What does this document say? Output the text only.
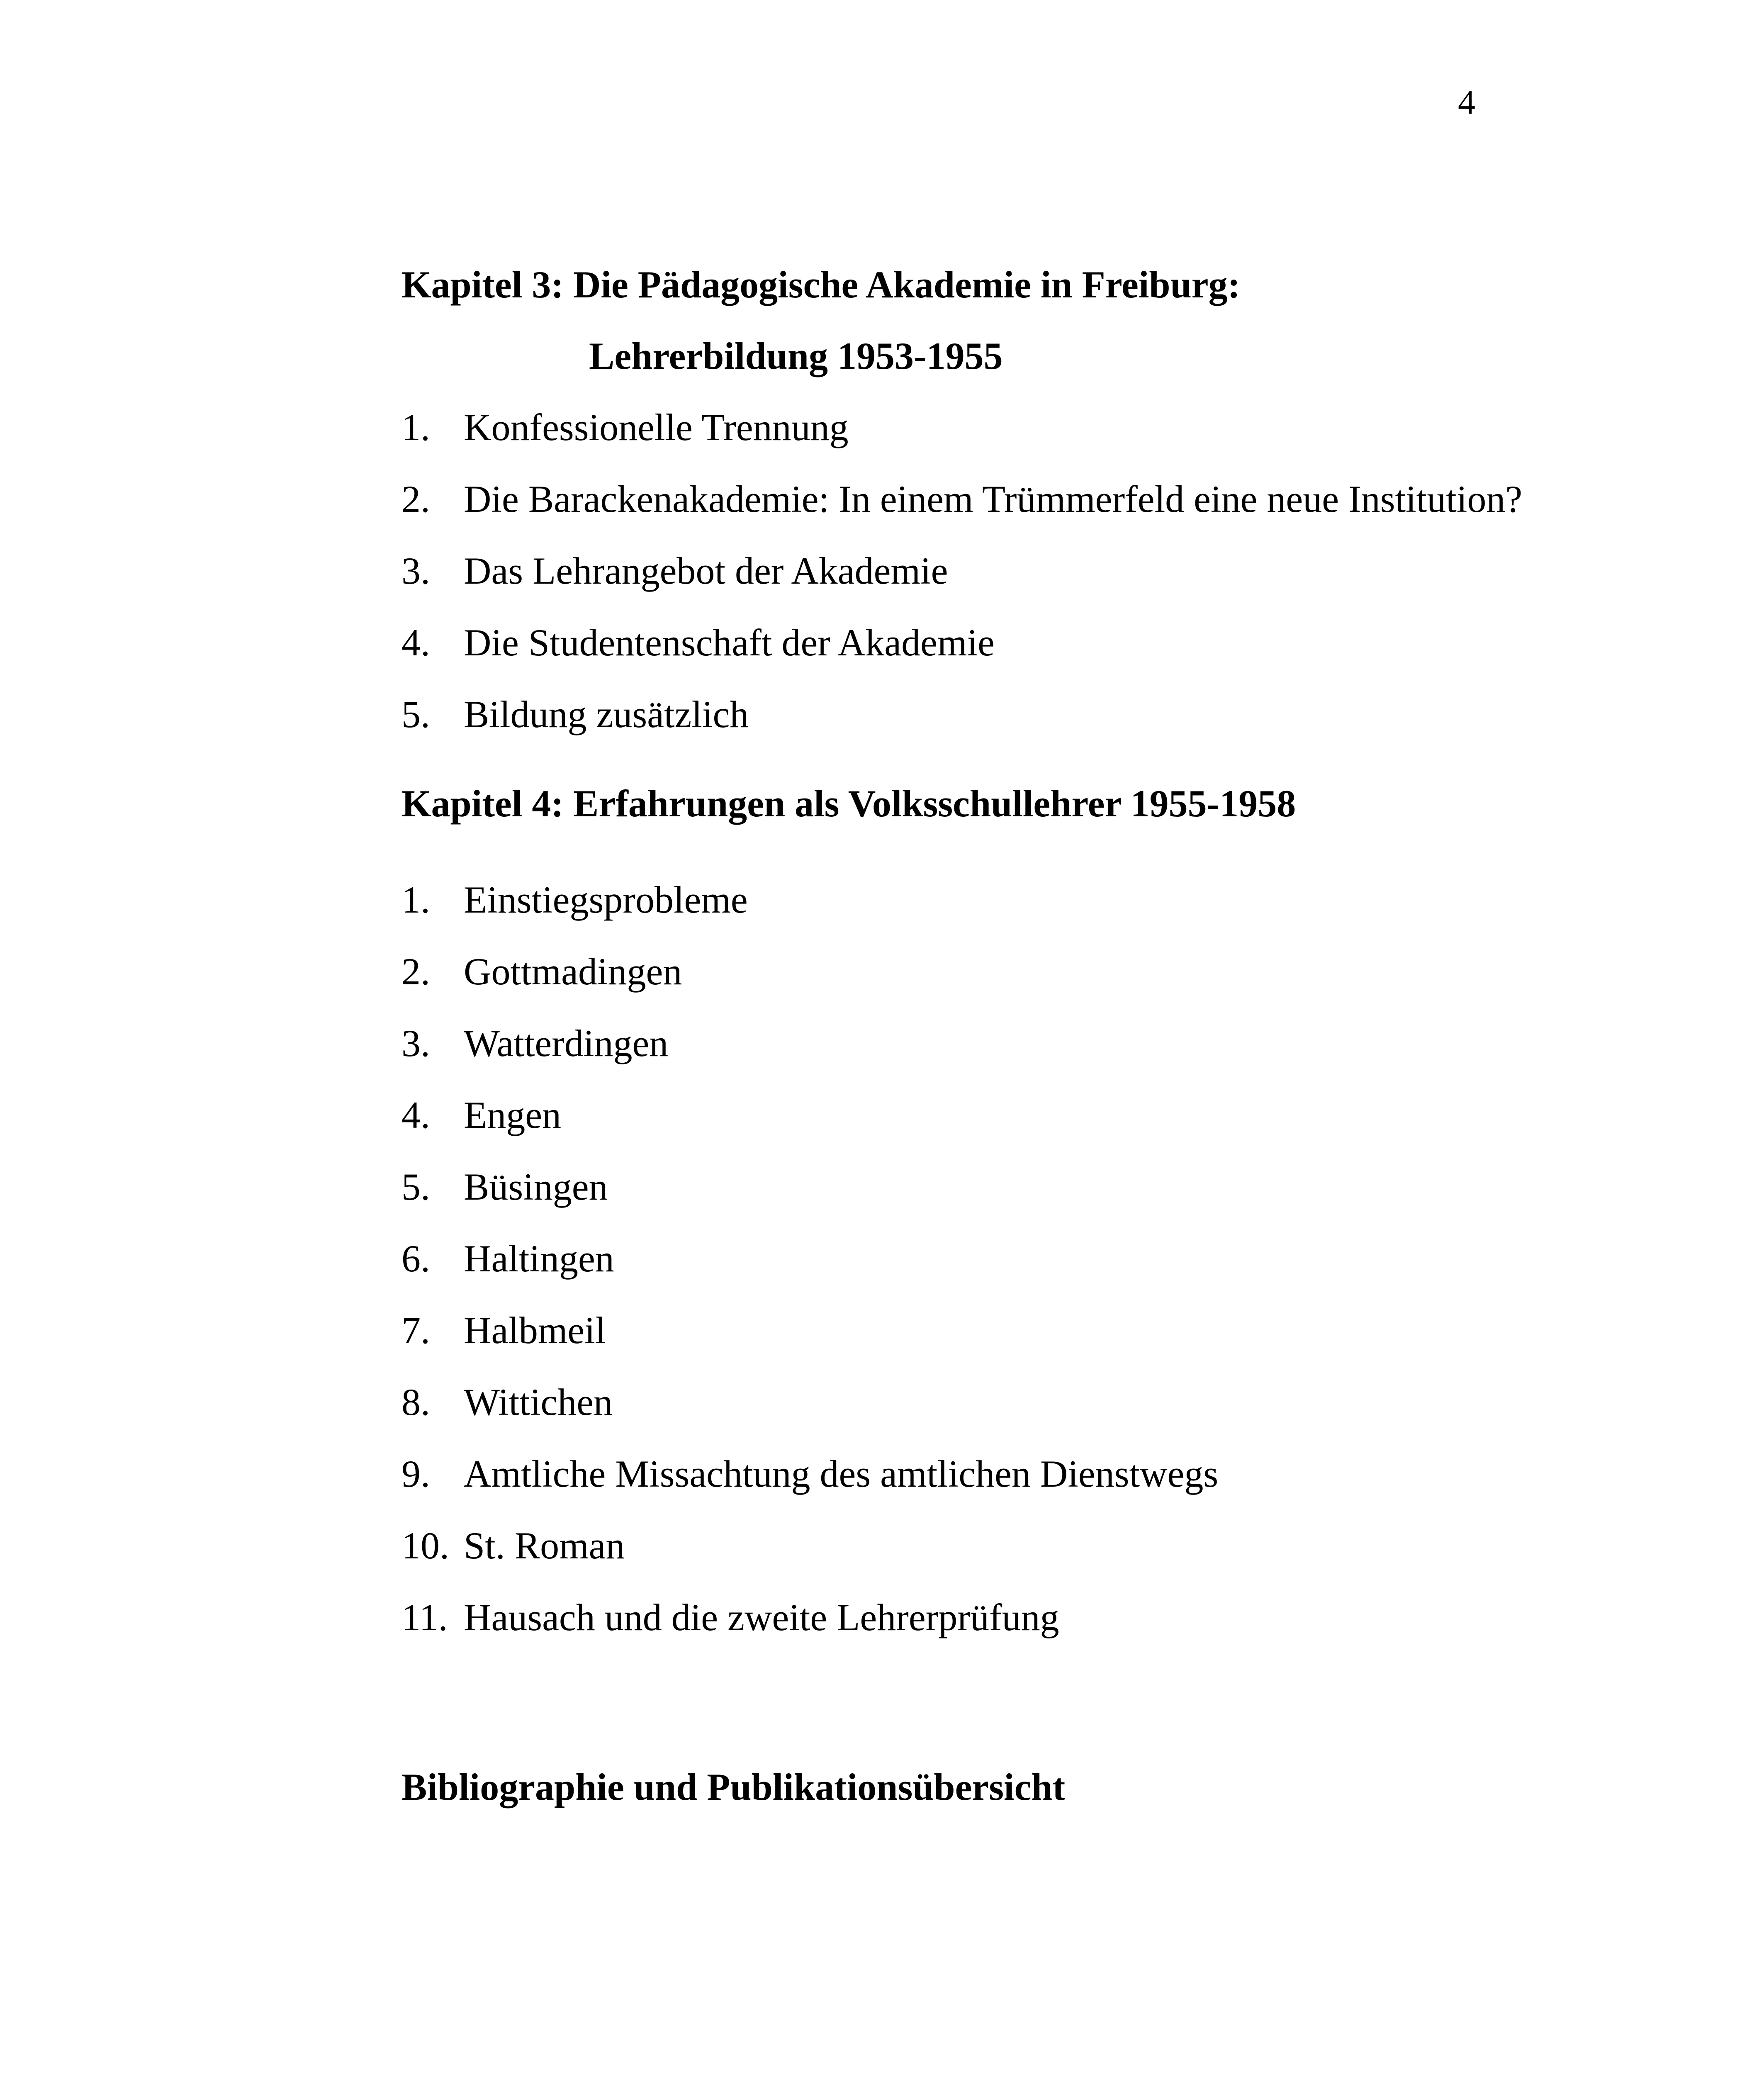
4
Kapitel 3: Die Pädagogische Akademie in Freiburg:
Lehrerbildung 1953-1955
1. Konfessionelle Trennung
2. Die Barackenakademie: In einem Trümmerfeld eine neue Institution?
3. Das Lehrangebot der Akademie
4. Die Studentenschaft der Akademie
5. Bildung zusätzlich
Kapitel 4: Erfahrungen als Volksschullehrer 1955-1958
1. Einstiegsprobleme
2. Gottmadingen
3. Watterdingen
4. Engen
5. Büsingen
6. Haltingen
7. Halbmeil
8. Wittichen
9. Amtliche Missachtung des amtlichen Dienstwegs
10. St. Roman
11. Hausach und die zweite Lehrerprüfung
Bibliographie und Publikationsübersicht
